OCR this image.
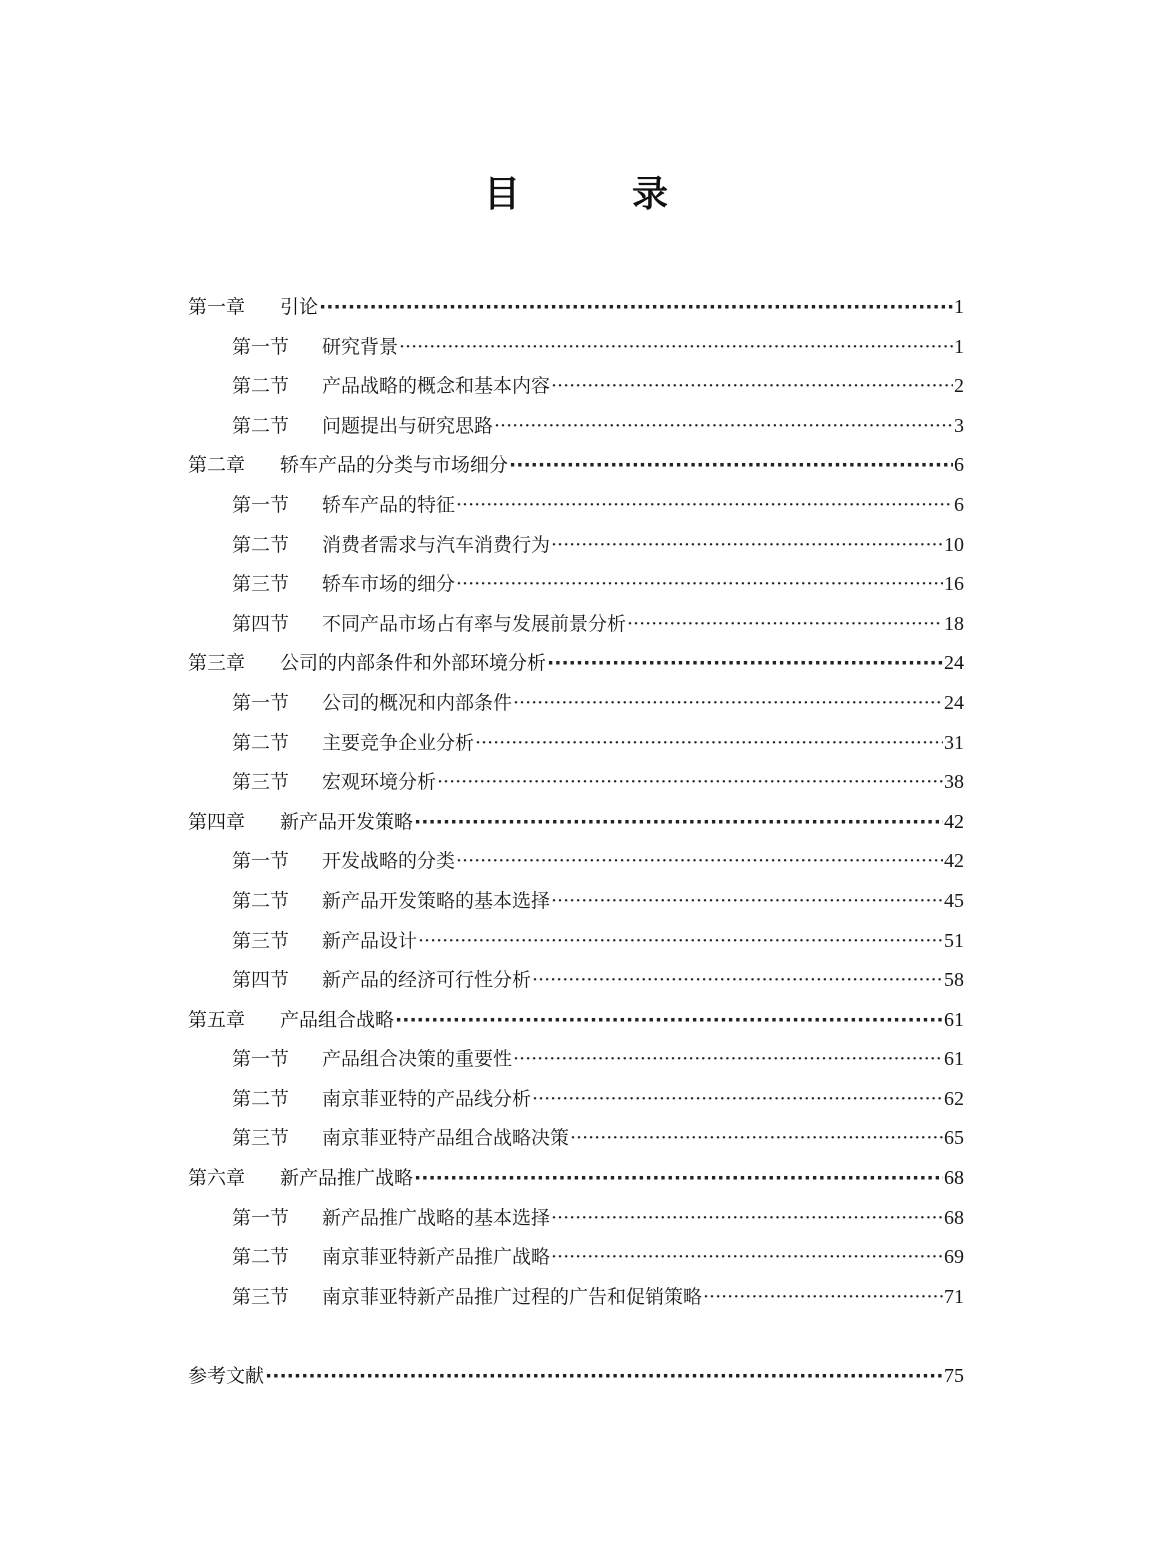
目　录
第一章	引论 ·····	1
第一节	研究背景 ·····	1
第二节	产品战略的概念和基本内容 ·····	2
第二节	问题提出与研究思路 ·····	3
第二章	轿车产品的分类与市场细分 ·····	6
第一节	轿车产品的特征 ·····	6
第二节	消费者需求与汽车消费行为 ·····	10
第三节	轿车市场的细分 ·····	16
第四节	不同产品市场占有率与发展前景分析 ·····	18
第三章	公司的内部条件和外部环境分析 ·····	24
第一节	公司的概况和内部条件 ·····	24
第二节	主要竞争企业分析 ·····	31
第三节	宏观环境分析 ·····	38
第四章	新产品开发策略 ·····	42
第一节	开发战略的分类 ·····	42
第二节	新产品开发策略的基本选择 ·····	45
第三节	新产品设计 ·····	51
第四节	新产品的经济可行性分析 ·····	58
第五章	产品组合战略 ·····	61
第一节	产品组合决策的重要性 ·····	61
第二节	南京菲亚特的产品线分析 ·····	62
第三节	南京菲亚特产品组合战略决策 ·····	65
第六章	新产品推广战略 ·····	68
第一节	新产品推广战略的基本选择 ·····	68
第二节	南京菲亚特新产品推广战略 ·····	69
第三节	南京菲亚特新产品推广过程的广告和促销策略 ·····	71
参考文献 ·····	75
